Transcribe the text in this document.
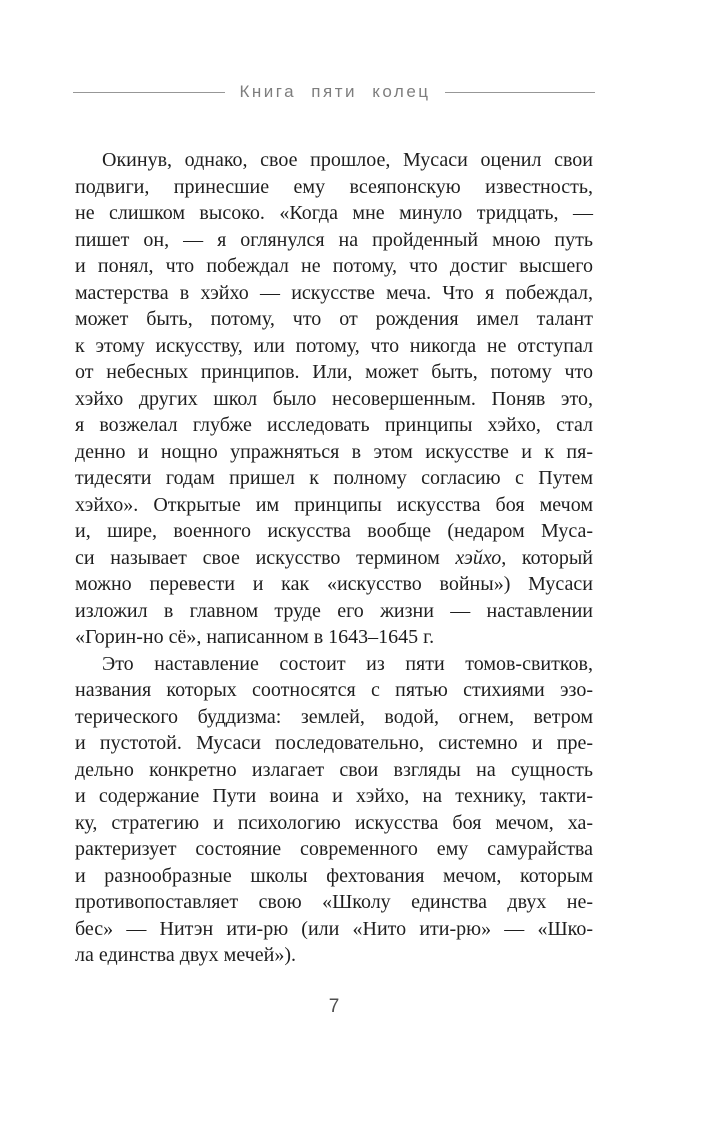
Книга пяти колец
Окинув, однако, свое прошлое, Мусаси оценил свои
подвиги, принесшие ему всеяпонскую известность,
не слишком высоко. «Когда мне минуло тридцать, —
пишет он, — я оглянулся на пройденный мною путь
и понял, что побеждал не потому, что достиг высшего
мастерства в хэйхо — искусстве меча. Что я побеждал,
может быть, потому, что от рождения имел талант
к этому искусству, или потому, что никогда не отступал
от небесных принципов. Или, может быть, потому что
хэйхо других школ было несовершенным. Поняв это,
я возжелал глубже исследовать принципы хэйхо, стал
денно и нощно упражняться в этом искусстве и к пя-
тидесяти годам пришел к полному согласию с Путем
хэйхо». Открытые им принципы искусства боя мечом
и, шире, военного искусства вообще (недаром Муса-
си называет свое искусство термином хэйхо, который
можно перевести и как «искусство войны») Мусаси
изложил в главном труде его жизни — наставлении
«Горин-но сё», написанном в 1643–1645 г.
Это наставление состоит из пяти томов-свитков,
названия которых соотносятся с пятью стихиями эзо-
терического буддизма: землей, водой, огнем, ветром
и пустотой. Мусаси последовательно, системно и пре-
дельно конкретно излагает свои взгляды на сущность
и содержание Пути воина и хэйхо, на технику, такти-
ку, стратегию и психологию искусства боя мечом, ха-
рактеризует состояние современного ему самурайства
и разнообразные школы фехтования мечом, которым
противопоставляет свою «Школу единства двух не-
бес» — Нитэн ити-рю (или «Нито ити-рю» — «Шко-
ла единства двух мечей»).
7
